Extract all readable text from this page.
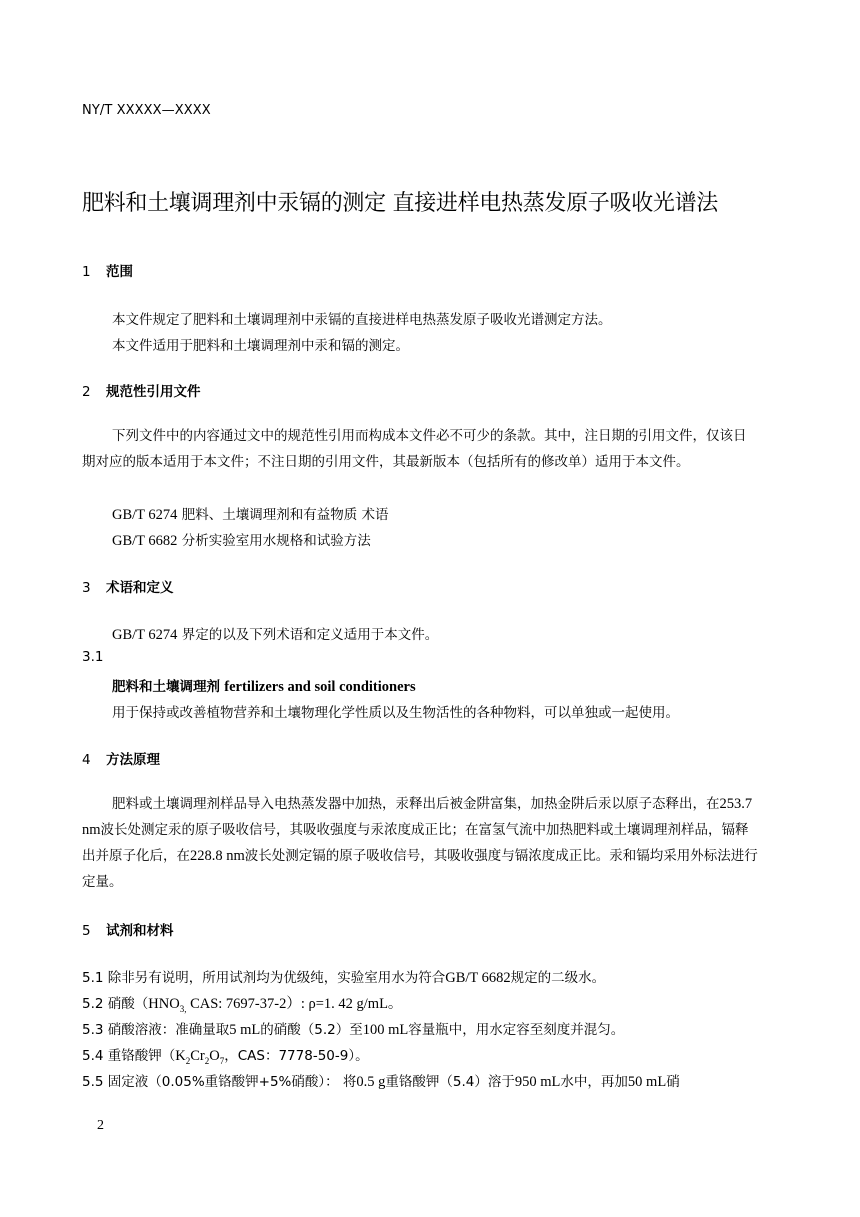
NY/T XXXXX—XXXX
肥料和土壤调理剂中汞镉的测定 直接进样电热蒸发原子吸收光谱法
1 范围
本文件规定了肥料和土壤调理剂中汞镉的直接进样电热蒸发原子吸收光谱测定方法。
本文件适用于肥料和土壤调理剂中汞和镉的测定。
2 规范性引用文件
下列文件中的内容通过文中的规范性引用而构成本文件必不可少的条款。其中，注日期的引用文件，仅该日期对应的版本适用于本文件；不注日期的引用文件，其最新版本（包括所有的修改单）适用于本文件。
GB/T 6274 肥料、土壤调理剂和有益物质 术语
GB/T 6682 分析实验室用水规格和试验方法
3 术语和定义
GB/T 6274 界定的以及下列术语和定义适用于本文件。
3.1
肥料和土壤调理剂 fertilizers and soil conditioners
用于保持或改善植物营养和土壤物理化学性质以及生物活性的各种物料，可以单独或一起使用。
4 方法原理
肥料或土壤调理剂样品导入电热蒸发器中加热，汞释出后被金阱富集，加热金阱后汞以原子态释出，在253.7 nm波长处测定汞的原子吸收信号，其吸收强度与汞浓度成正比；在富氢气流中加热肥料或土壤调理剂样品，镉释出并原子化后，在228.8 nm波长处测定镉的原子吸收信号，其吸收强度与镉浓度成正比。汞和镉均采用外标法进行定量。
5 试剂和材料
5.1 除非另有说明，所用试剂均为优级纯，实验室用水为符合GB/T 6682规定的二级水。
5.2 硝酸（$HNO_{3,}$ CAS: 7697-37-2）: ρ=1. 42 g/mL。
5.3 硝酸溶液：准确量取5 mL的硝酸（5.2）至100 mL容量瓶中，用水定容至刻度并混匀。
5.4 重铬酸钾（$K_2Cr_2O_7$，CAS：7778-50-9）。
5.5 固定液（0.05%重铬酸钾+5%硝酸）： 将0.5 g重铬酸钾（5.4）溶于950 mL水中，再加50 mL硝
2
